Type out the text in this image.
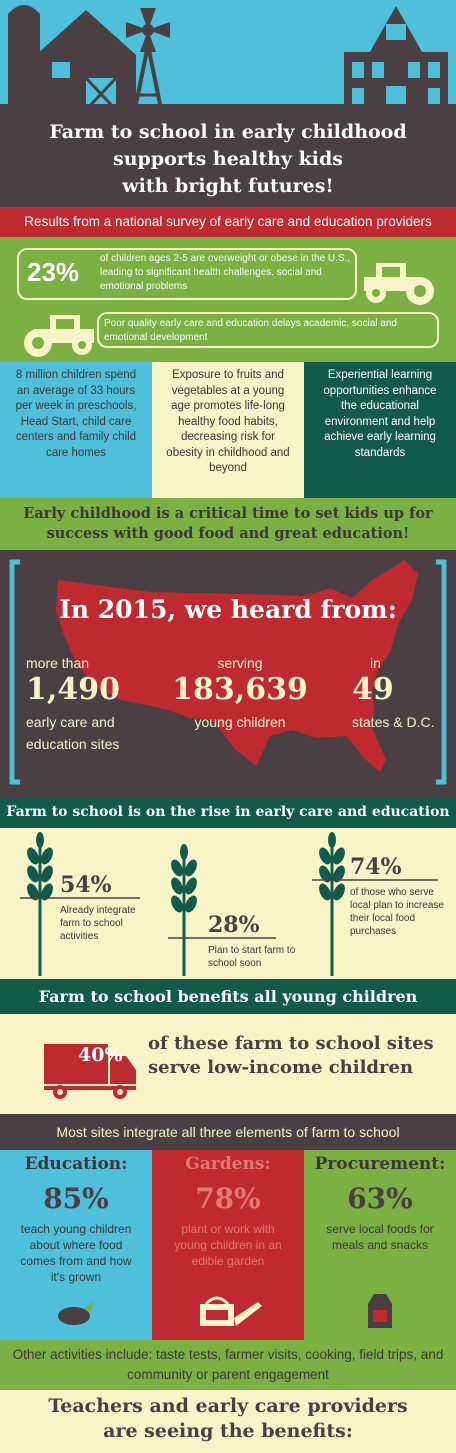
Farm to school in early childhood
supports healthy kids
with bright futures!
Results from a national survey of early care and education providers
23% of children ages 2-5 are overweight or obese in the U.S., leading to significant health challenges, social and emotional problems
Poor quality early care and education delays academic, social and emotional development
8 million children spend an average of 33 hours per week in preschools, Head Start, child care centers and family child care homes
Exposure to fruits and vegetables at a young age promotes life-long healthy food habits, decreasing risk for obesity in childhood and beyond
Experiential learning opportunities enhance the educational environment and help achieve early learning standards
Early childhood is a critical time to set kids up for success with good food and great education!
In 2015, we heard from:
more than
1,490
early care and education sites
serving
183,639
young children
in
49
states & D.C.
Farm to school is on the rise in early care and education
54%
Already integrate farm to school activities	28%
Plan to start farm to school soon
74%
of those who serve local plan to increase their local food purchases
Farm to school benefits all young children
40%
of these farm to school sites
serve low-income children
Most sites integrate all three elements of farm to school
Education:
85%
teach young children about where food comes from and how it's grown
Gardens:
78%
plant or work with young children in an edible garden
Procurement:
63%
serve local foods for meals and snacks
Other activities include: taste tests, farmer visits, cooking, field trips, and community or parent engagement
Teachers and early care providers
are seeing the benefits:
